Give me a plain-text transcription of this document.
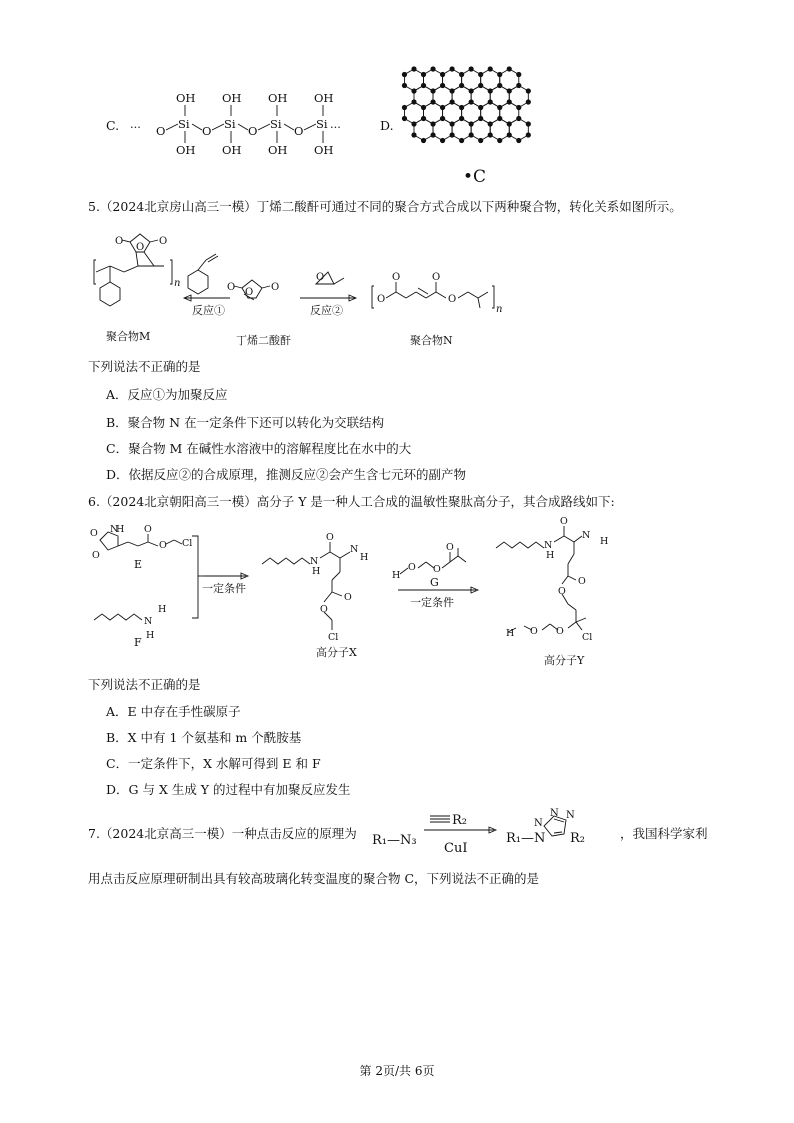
C. ··· O Si O Si O Si O Si ···
OH
OH
OH
OH
OH
OH
OH
OH
D.
•C
5.（2024北京房山高三一模）丁烯二酸酐可通过不同的聚合方式合成以下两种聚合物，转化关系如图所示。
n
O
O	O
O
O	O
O
O
O	O
O
n
反应①	反应②
聚合物M	丁烯二酸酐	聚合物N
下列说法不正确的是
A．反应①为加聚反应
B．聚合物 N 在一定条件下还可以转化为交联结构
C．聚合物 M 在碱性水溶液中的溶解程度比在水中的大
D．依据反应②的合成原理，推测反应②会产生含七元环的副产物
6.（2024北京朝阳高三一模）高分子 Y 是一种人工合成的温敏性聚肽高分子，其合成路线如下:
O
O
N
H O
O Cl
N
H
H
N
H
O
N
H
O
O
Cl
H
O O
O	N
H
O
N
H
O
O
O
O
H	Cl
E
F
一定条件
高分子X
G
一定条件
高分子Y
下列说法不正确的是
A．E 中存在手性碳原子
B．X 中有 1 个氨基和 m 个酰胺基
C．一定条件下，X 水解可得到 E 和 F
D．G 与 X 生成 Y 的过程中有加聚反应发生
7.（2024北京高三一模）一种点击反应的原理为 R₁—N₃
R₂
CuI
R₁—N R₂
N
N N
，我国科学家利
用点击反应原理研制出具有较高玻璃化转变温度的聚合物 C，下列说法不正确的是
第 2页/共 6页
